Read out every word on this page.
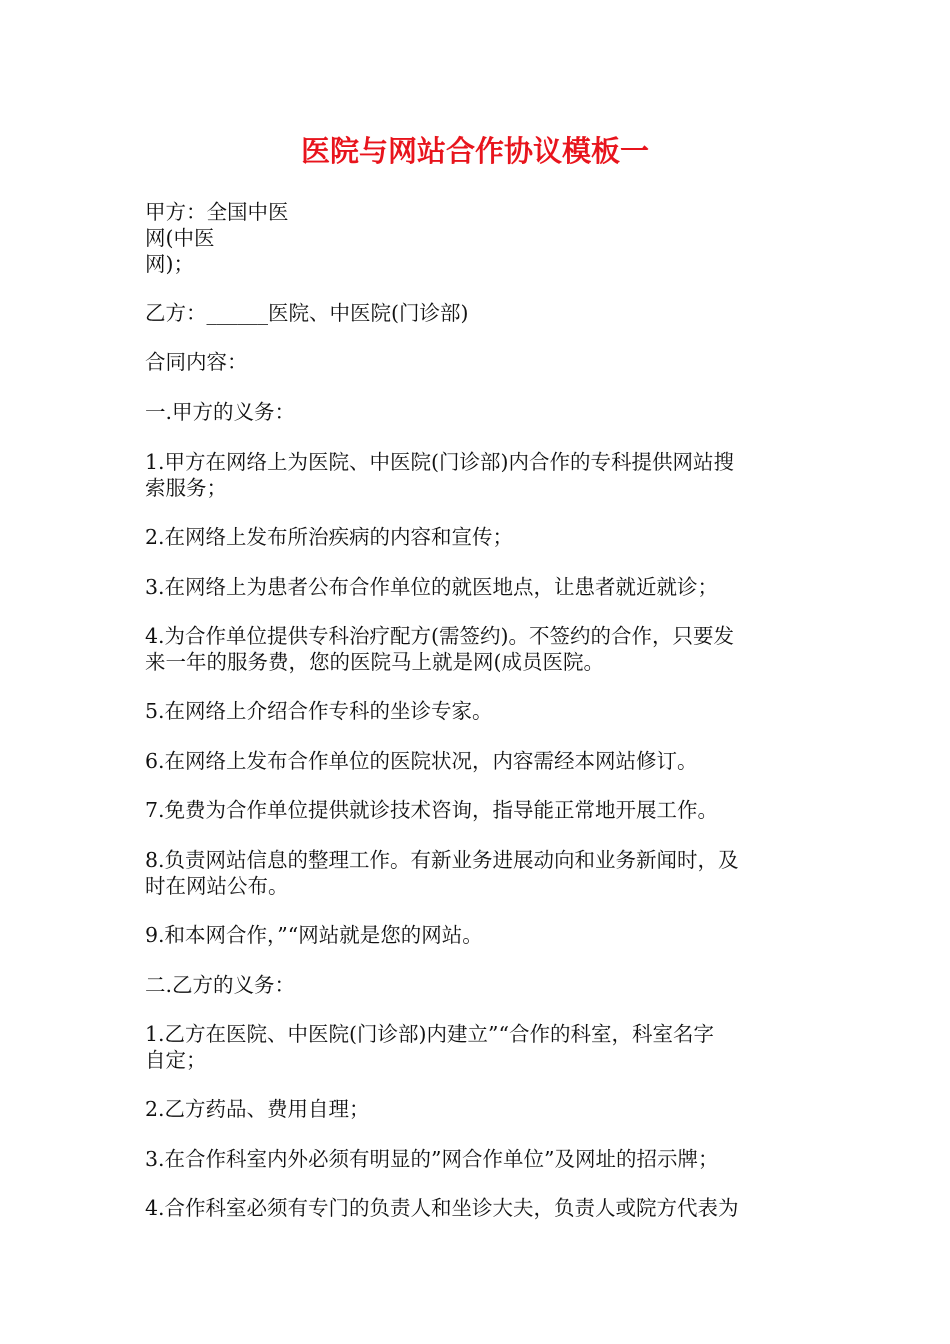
医院与网站合作协议模板一
甲方：全国中医
网(中医
网)；
乙方：______医院、中医院(门诊部)
合同内容：
一.甲方的义务：
1.甲方在网络上为医院、中医院(门诊部)内合作的专科提供网站搜
索服务；
2.在网络上发布所治疾病的内容和宣传；
3.在网络上为患者公布合作单位的就医地点，让患者就近就诊；
4.为合作单位提供专科治疗配方(需签约)。不签约的合作，只要发
来一年的服务费，您的医院马上就是网(成员医院。
5.在网络上介绍合作专科的坐诊专家。
6.在网络上发布合作单位的医院状况，内容需经本网站修订。
7.免费为合作单位提供就诊技术咨询，指导能正常地开展工作。
8.负责网站信息的整理工作。有新业务进展动向和业务新闻时，及
时在网站公布。
9.和本网合作，”“网站就是您的网站。
二.乙方的义务：
1.乙方在医院、中医院(门诊部)内建立”“合作的科室，科室名字
自定；
2.乙方药品、费用自理；
3.在合作科室内外必须有明显的”网合作单位”及网址的招示牌；
4.合作科室必须有专门的负责人和坐诊大夫，负责人或院方代表为
